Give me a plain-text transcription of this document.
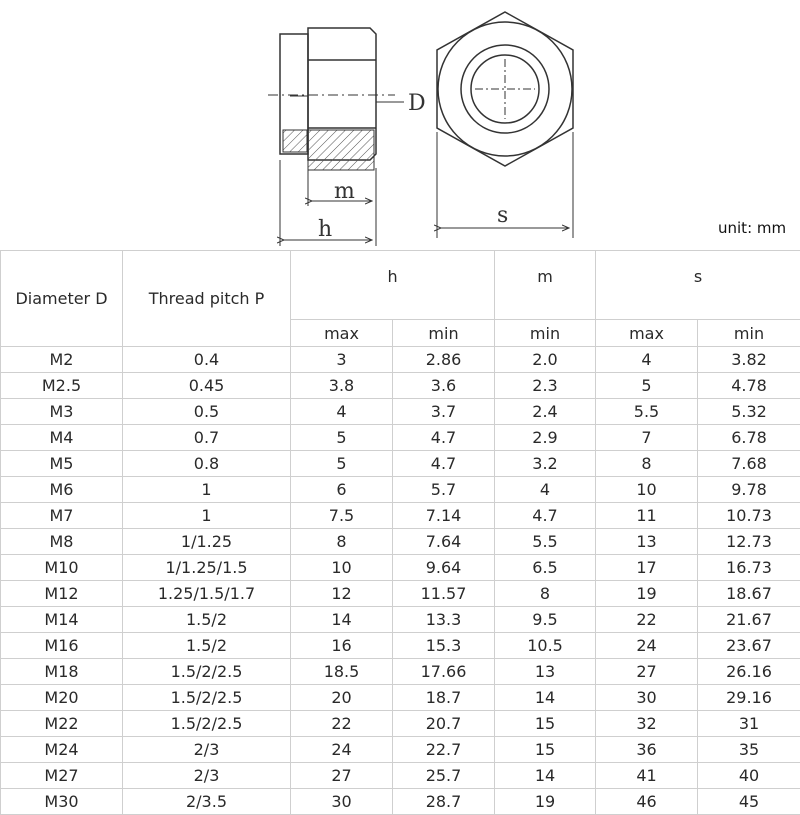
D
m
h
s	unit: mm
Diameter D	Thread pitch P	h		m	s	
		max	min	min	max	min
M2	0.4	3	2.86	2.0	4	3.82
M2.5	0.45	3.8	3.6	2.3	5	4.78
M3	0.5	4	3.7	2.4	5.5	5.32
M4	0.7	5	4.7	2.9	7	6.78
M5	0.8	5	4.7	3.2	8	7.68
M6	1	6	5.7	4	10	9.78
M7	1	7.5	7.14	4.7	11	10.73
M8	1/1.25	8	7.64	5.5	13	12.73
M10	1/1.25/1.5	10	9.64	6.5	17	16.73
M12	1.25/1.5/1.7	12	11.57	8	19	18.67
M14	1.5/2	14	13.3	9.5	22	21.67
M16	1.5/2	16	15.3	10.5	24	23.67
M18	1.5/2/2.5	18.5	17.66	13	27	26.16
M20	1.5/2/2.5	20	18.7	14	30	29.16
M22	1.5/2/2.5	22	20.7	15	32	31
M24	2/3	24	22.7	15	36	35
M27	2/3	27	25.7	14	41	40
M30	2/3.5	30	28.7	19	46	45
